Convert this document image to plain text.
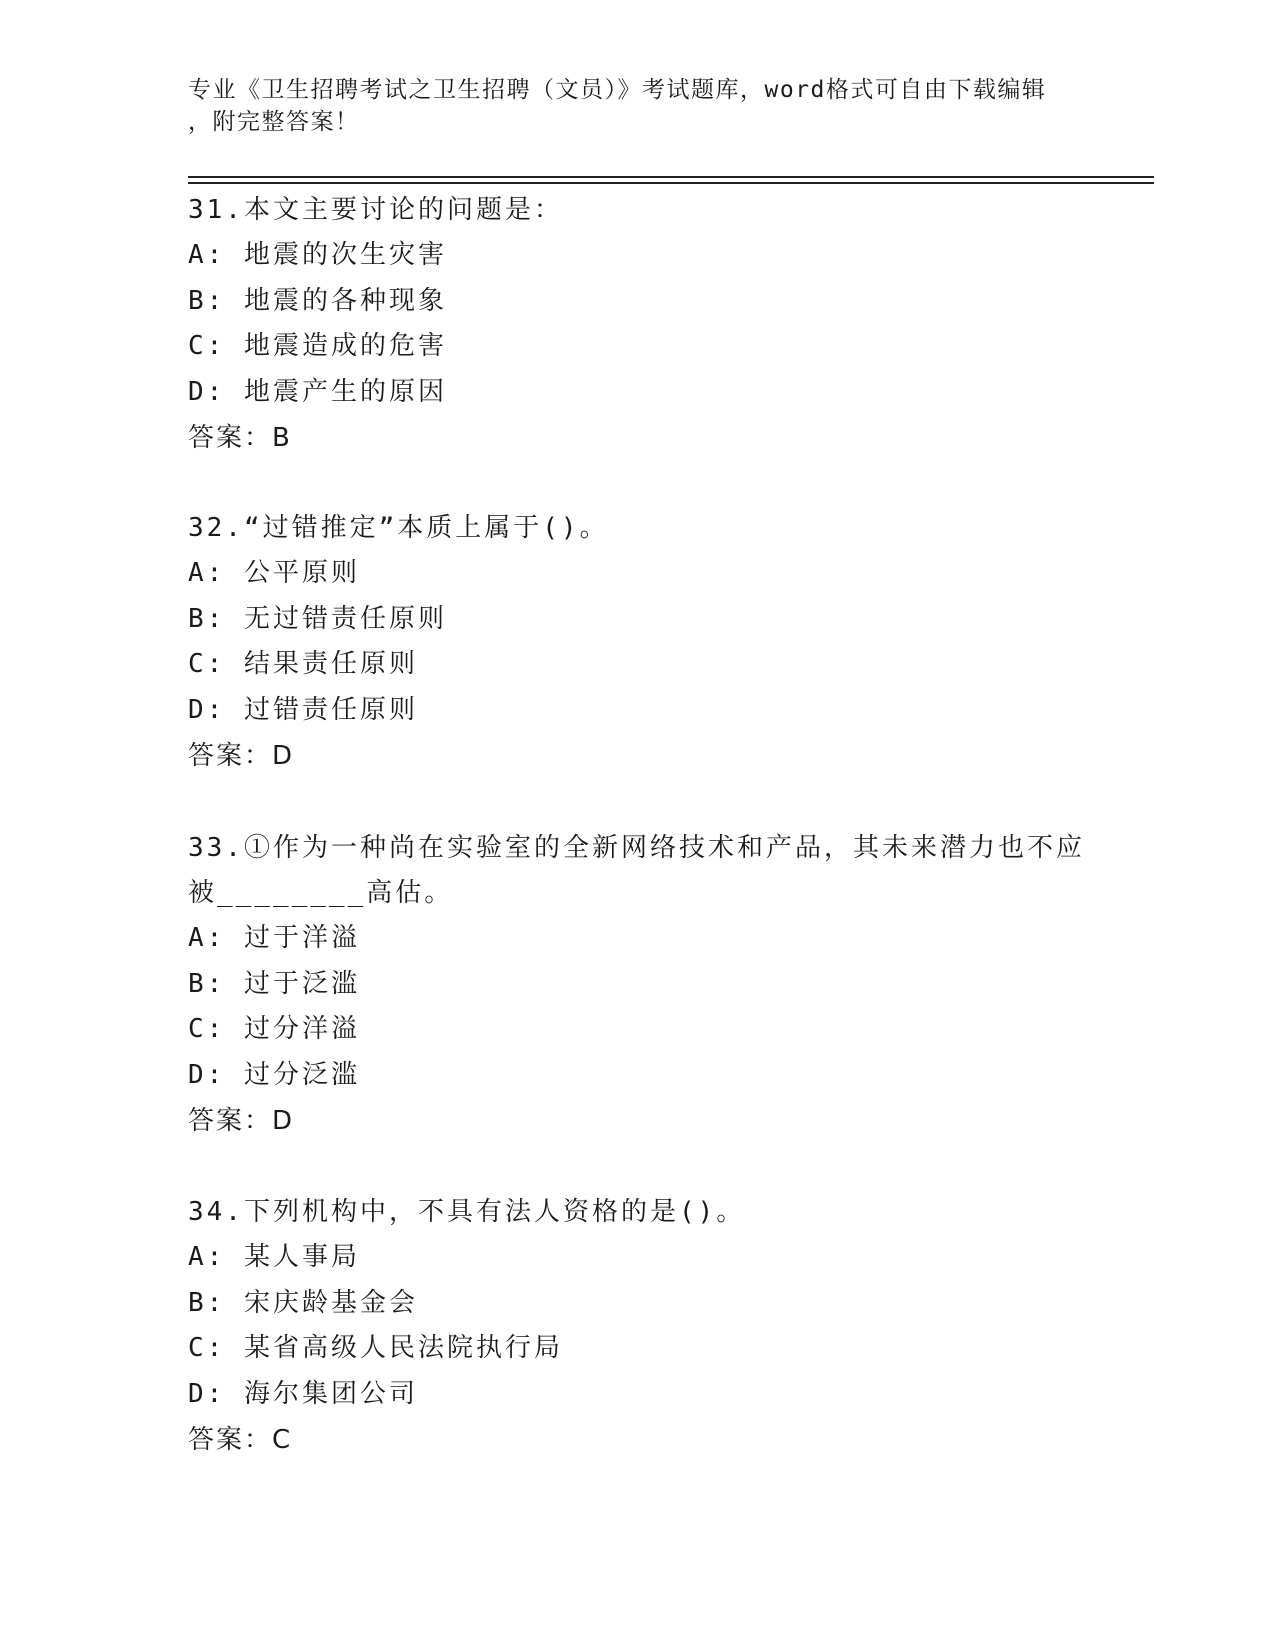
专业《卫生招聘考试之卫生招聘（文员）》考试题库，word格式可自由下载编辑
，附完整答案！
31.本文主要讨论的问题是：
A: 地震的次生灾害
B: 地震的各种现象
C: 地震造成的危害
D: 地震产生的原因
答案：B
32.“过错推定”本质上属于()。
A: 公平原则
B: 无过错责任原则
C: 结果责任原则
D: 过错责任原则
答案：D
33.①作为一种尚在实验室的全新网络技术和产品，其未来潜力也不应
被________高估。
A: 过于洋溢
B: 过于泛滥
C: 过分洋溢
D: 过分泛滥
答案：D
34.下列机构中，不具有法人资格的是()。
A: 某人事局
B: 宋庆龄基金会
C: 某省高级人民法院执行局
D: 海尔集团公司
答案：C
